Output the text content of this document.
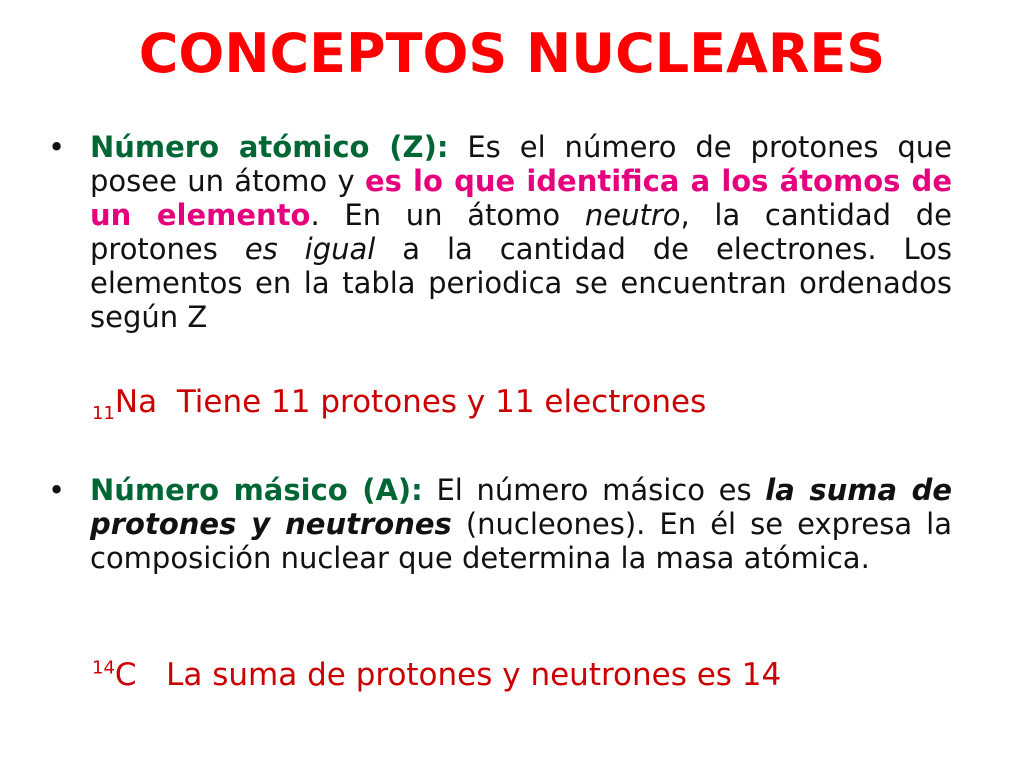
CONCEPTOS NUCLEARES
• Número atómico (Z): Es el número de protones que posee un átomo y es lo que identifica a los átomos de un elemento. En un átomo neutro, la cantidad de protones es igual a la cantidad de electrones. Los elementos en la tabla periodica se encuentran ordenados según Z
$_{11}$Na Tiene 11 protones y 11 electrones
• Número másico (A): El número másico es la suma de protones y neutrones (nucleones). En él se expresa la composición nuclear que determina la masa atómica.
$^{14}$C La suma de protones y neutrones es 14
